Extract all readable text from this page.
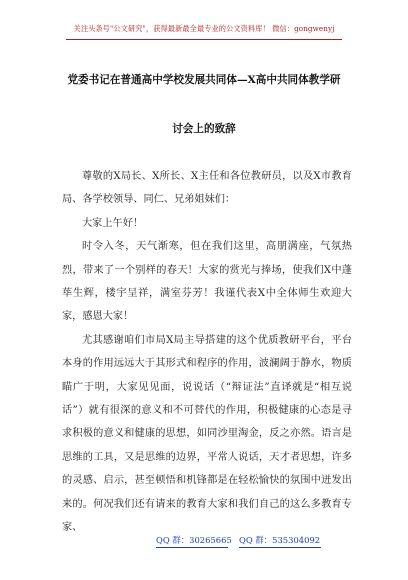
关注头条号"公文研究"，获得最新最全最专业的公文资料库！ 微信：gongwenyj
党委书记在普通高中学校发展共同体—X高中共同体教学研
讨会上的致辞

尊敬的X局长、X所长、X主任和各位教研员，以及X市教育局、各学校领导、同仁、兄弟姐妹们：

大家上午好！

时令入冬，天气渐寒，但在我们这里，高朋满座，气氛热烈，带来了一个别样的春天！大家的赏光与捧场，使我们X中蓬荜生辉，楼宇呈祥，满室芬芳！我谨代表X中全体师生欢迎大家，感恩大家！

尤其感谢咱们市局X局主导搭建的这个优质教研平台，平台本身的作用远远大于其形式和程序的作用，波澜阔于静水，物质瞄广于明，大家见见面，说说话（“辩证法”直译就是“相互说话”）就有很深的意义和不可替代的作用，积极健康的心态是寻求积极的意义和健康的思想，如同沙里淘金，反之亦然。语言是思维的工具，又是思维的边界，平常人说话，天才者思想，许多的灵感、启示，甚至顿悟和机锋都是在轻松愉快的氛围中迸发出来的。何况我们还有请来的教育大家和我们自己的这么多教育专家、

QQ 群：30265665 QQ 群：535304092
